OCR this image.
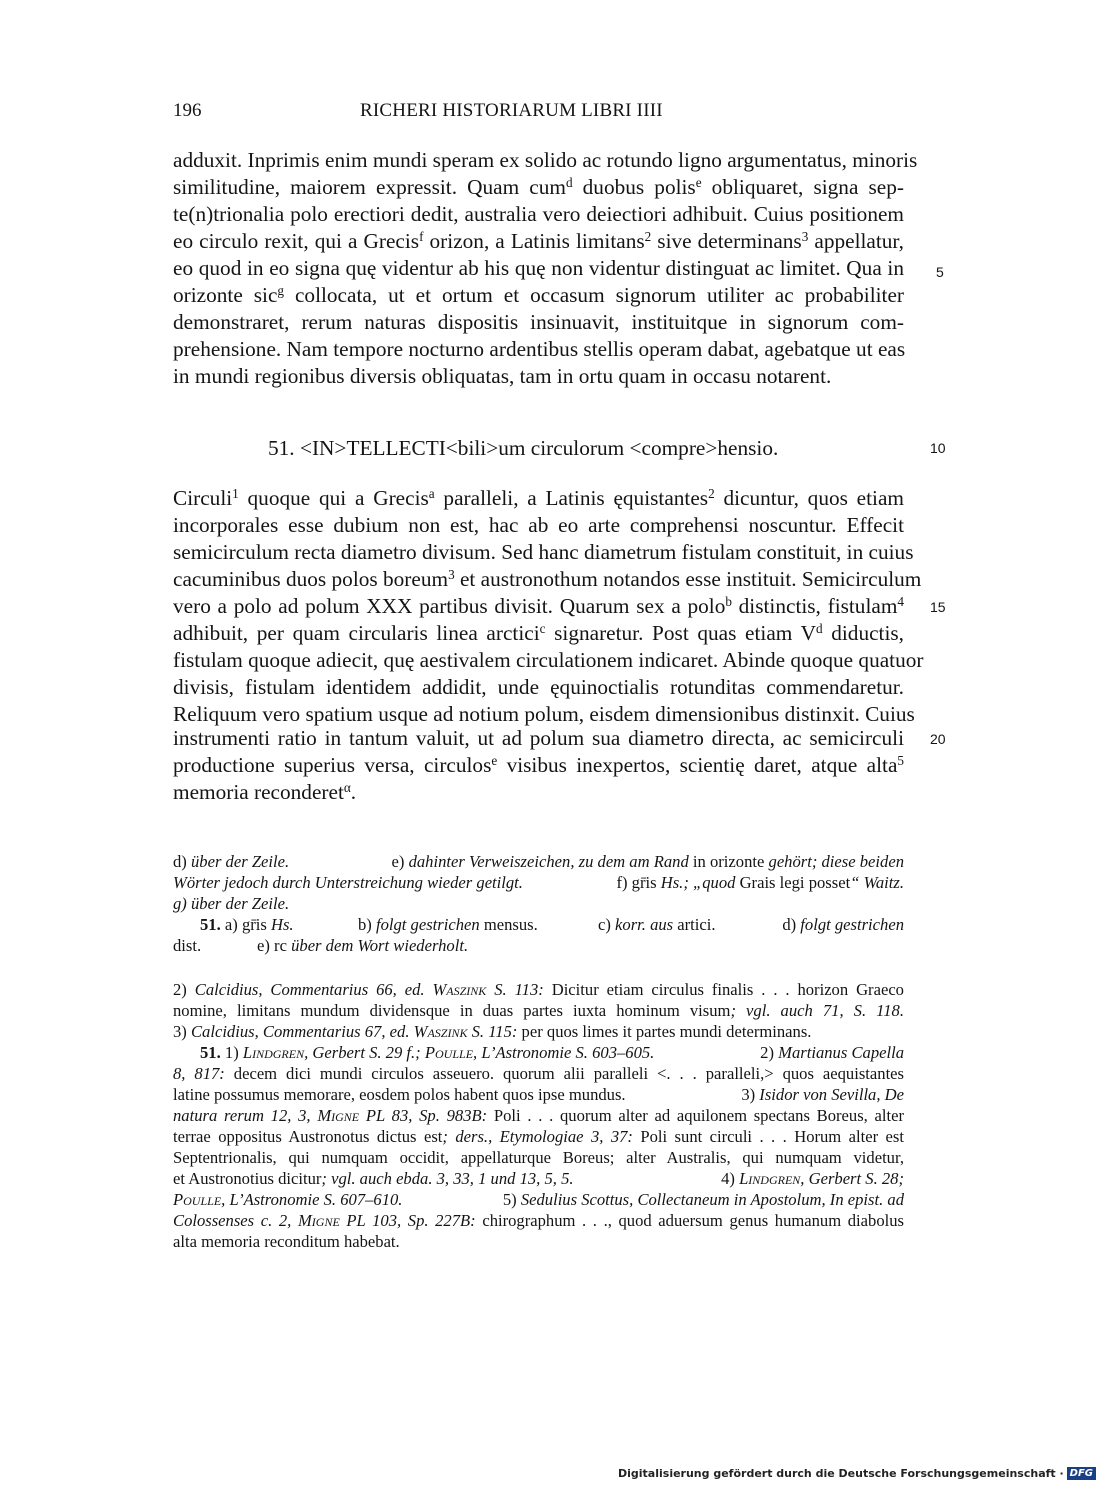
196	RICHERI HISTORIARUM LIBRI IIII
adduxit. Inprimis enim mundi speram ex solido ac rotundo ligno argumentatus, minoris
similitudine, maiorem expressit. Quam cum$^d$ duobus polis$^e$ obliquaret, signa sep-
te(n)trionalia polo erectiori dedit, australia vero deiectiori adhibuit. Cuius positionem
eo circulo rexit, qui a Grecis$^f$ orizon, a Latinis limitans$^2$ sive determinans$^3$ appellatur,
eo quod in eo signa quę videntur ab his quę non videntur distinguat ac limitet. Qua in
orizonte sic$^g$ collocata, ut et ortum et occasum signorum utiliter ac probabiliter
demonstraret, rerum naturas dispositis insinuavit, instituitque in signorum com-
prehensione. Nam tempore nocturno ardentibus stellis operam dabat, agebatque ut eas
in mundi regionibus diversis obliquatas, tam in ortu quam in occasu notarent.
5
10
15
20
51. <IN>TELLECTI<bili>um circulorum <compre>hensio.
Circuli$^1$ quoque qui a Grecis$^a$ paralleli, a Latinis ęquistantes$^2$ dicuntur, quos etiam
incorporales esse dubium non est, hac ab eo arte comprehensi noscuntur. Effecit
semicirculum recta diametro divisum. Sed hanc diametrum fistulam constituit, in cuius
cacuminibus duos polos boreum$^3$ et austronothum notandos esse instituit. Semicirculum
vero a polo ad polum XXX partibus divisit. Quarum sex a polo$^b$ distinctis, fistulam$^4$
adhibuit, per quam circularis linea arctici$^c$ signaretur. Post quas etiam $V^d$ diductis,
fistulam quoque adiecit, quę aestivalem circulationem indicaret. Abinde quoque quatuor
divisis, fistulam identidem addidit, unde ęquinoctialis rotunditas commendaretur.
Reliquum vero spatium usque ad notium polum, eisdem dimensionibus distinxit. Cuius
instrumenti ratio in tantum valuit, ut ad polum sua diametro directa, ac semicirculi
productione superius versa, circulos$^e$ visibus inexpertos, scientię daret, atque alta$^5$
memoria reconderet$^\alpha$.
d) über der Zeile.	e) dahinter Verweiszeichen, zu dem am Rand in orizonte gehört; diese beiden
Wörter jedoch durch Unterstreichung wieder getilgt.	f) gr̄is Hs.; „quod Grais legi posset“ Waitz.
g) über der Zeile.
51. a) gr̄is Hs.	b) folgt gestrichen mensus.	c) korr. aus artici.	d) folgt gestrichen
dist.	e) rc über dem Wort wiederholt.
2) Calcidius, Commentarius 66, ed. Waszink S. 113: Dicitur etiam circulus finalis . . . horizon Graeco
nomine, limitans mundum dividensque in duas partes iuxta hominum visum; vgl. auch 71, S. 118.
3) Calcidius, Commentarius 67, ed. Waszink S. 115: per quos limes it partes mundi determinans.
51. 1) Lindgren, Gerbert S. 29 f.; Poulle, L’Astronomie S. 603–605.	2) Martianus Capella
8, 817: decem dici mundi circulos asseuero. quorum alii paralleli <. . . paralleli,> quos aequistantes
latine possumus memorare, eosdem polos habent quos ipse mundus.	3) Isidor von Sevilla, De
natura rerum 12, 3, Migne PL 83, Sp. 983B: Poli . . . quorum alter ad aquilonem spectans Boreus, alter
terrae oppositus Austronotus dictus est; ders., Etymologiae 3, 37: Poli sunt circuli . . . Horum alter est
Septentrionalis, qui numquam occidit, appellaturque Boreus; alter Australis, qui numquam videtur,
et Austronotius dicitur; vgl. auch ebda. 3, 33, 1 und 13, 5, 5.	4) Lindgren, Gerbert S. 28;
Poulle, L’Astronomie S. 607–610.	5) Sedulius Scottus, Collectaneum in Apostolum, In epist. ad
Colossenses c. 2, Migne PL 103, Sp. 227B: chirographum . . ., quod aduersum genus humanum diabolus
alta memoria reconditum habebat.
Digitalisierung gefördert durch die Deutsche Forschungsgemeinschaft · DFG
